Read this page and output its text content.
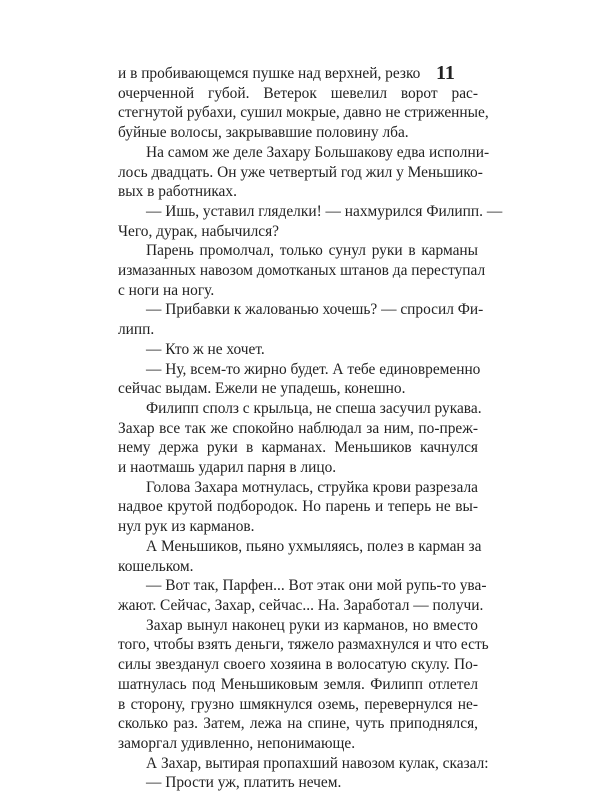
11
и в пробивающемся пушке над верхней, резко
очерченной губой. Ветерок шевелил ворот рас-
стегнутой рубахи, сушил мокрые, давно не стриженные,
буйные волосы, закрывавшие половину лба.
На самом же деле Захару Большакову едва исполни-
лось двадцать. Он уже четвертый год жил у Меньшико-
вых в работниках.
— Ишь, уставил гляделки! — нахмурился Филипп. —
Чего, дурак, набычился?
Парень промолчал, только сунул руки в карманы
измазанных навозом домотканых штанов да переступал
с ноги на ногу.
— Прибавки к жалованью хочешь? — спросил Фи-
липп.
— Кто ж не хочет.
— Ну, всем-то жирно будет. А тебе единовременно
сейчас выдам. Ежели не упадешь, конешно.
Филипп сполз с крыльца, не спеша засучил рукава.
Захар все так же спокойно наблюдал за ним, по-преж-
нему держа руки в карманах. Меньшиков качнулся
и наотмашь ударил парня в лицо.
Голова Захара мотнулась, струйка крови разрезала
надвое крутой подбородок. Но парень и теперь не вы-
нул рук из карманов.
А Меньшиков, пьяно ухмыляясь, полез в карман за
кошельком.
— Вот так, Парфен... Вот этак они мой рупь-то ува-
жают. Сейчас, Захар, сейчас... На. Заработал — получи.
Захар вынул наконец руки из карманов, но вместо
того, чтобы взять деньги, тяжело размахнулся и что есть
силы звезданул своего хозяина в волосатую скулу. По-
шатнулась под Меньшиковым земля. Филипп отлетел
в сторону, грузно шмякнулся оземь, перевернулся не-
сколько раз. Затем, лежа на спине, чуть приподнялся,
заморгал удивленно, непонимающе.
А Захар, вытирая пропахший навозом кулак, сказал:
— Прости уж, платить нечем.
